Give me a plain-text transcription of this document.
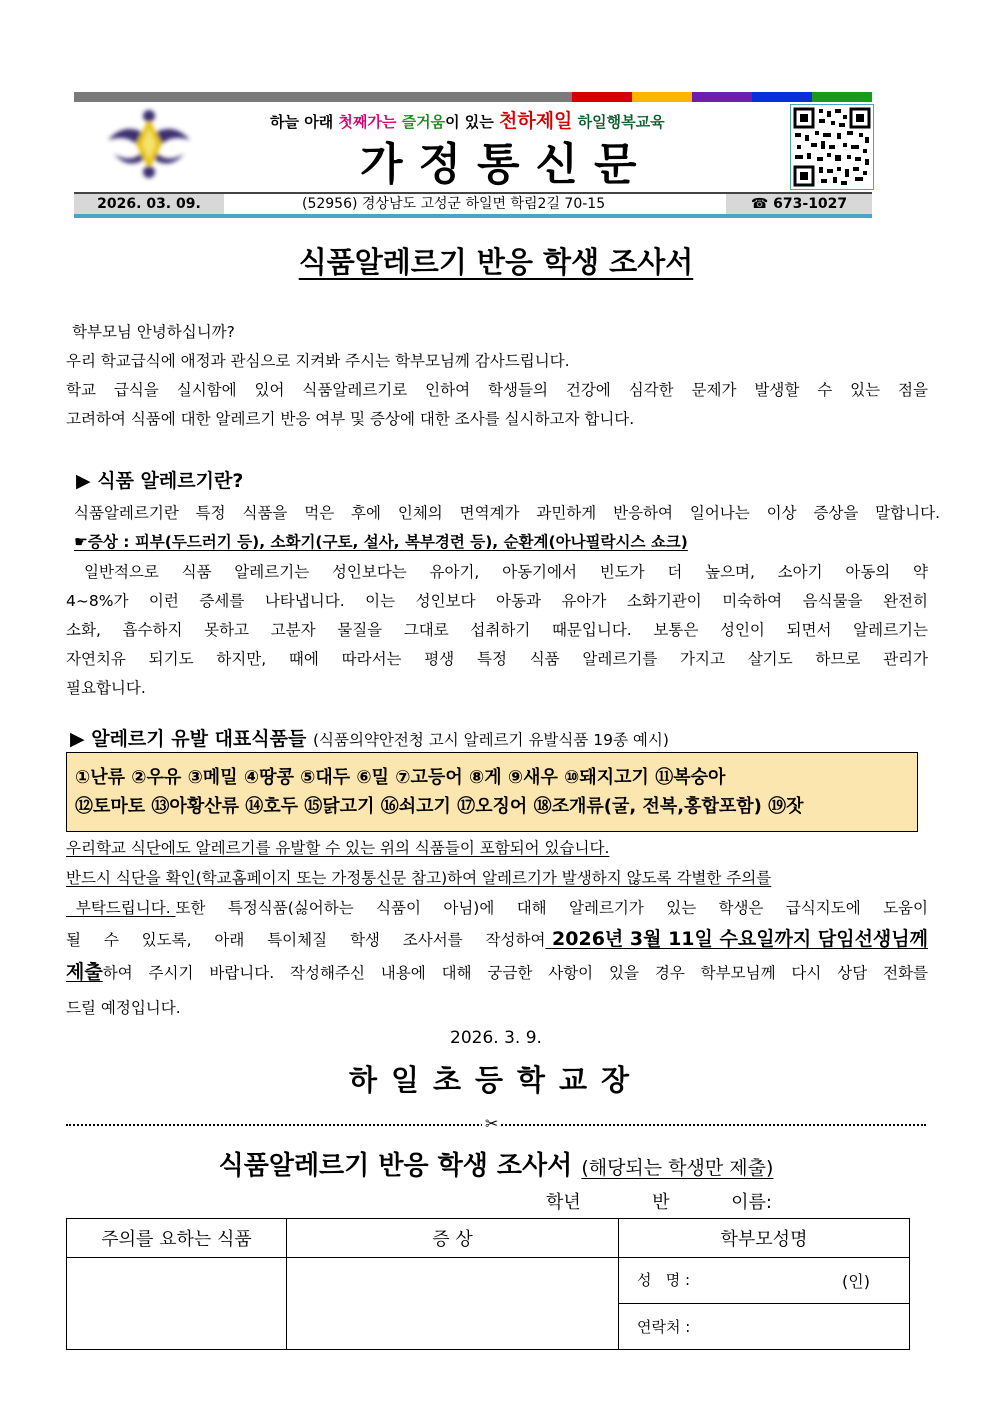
하늘 아래 첫째가는 즐거움이 있는 천하제일 하일행복교육
가정통신문
2026. 03. 09.	(52956) 경상남도 고성군 하일면 학림2길 70-15	☎ 673-1027
식품알레르기 반응 학생 조사서
학부모님 안녕하십니까?
우리 학교급식에 애정과 관심으로 지켜봐 주시는 학부모님께 감사드립니다.
학교 급식을 실시함에 있어 식품알레르기로 인하여 학생들의 건강에 심각한 문제가 발생할 수 있는 점을
고려하여 식품에 대한 알레르기 반응 여부 및 증상에 대한 조사를 실시하고자 합니다.
▶ 식품 알레르기란?
식품알레르기란 특정 식품을 먹은 후에 인체의 면역계가 과민하게 반응하여 일어나는 이상 증상을 말합니다.
☛증상 : 피부(두드러기 등), 소화기(구토, 설사, 복부경련 등), 순환계(아나필락시스 쇼크)
일반적으로 식품 알레르기는 성인보다는 유아기, 아동기에서 빈도가 더 높으며, 소아기 아동의 약
4~8%가 이런 증세를 나타냅니다. 이는 성인보다 아동과 유아가 소화기관이 미숙하여 음식물을 완전히
소화, 흡수하지 못하고 고분자 물질을 그대로 섭취하기 때문입니다. 보통은 성인이 되면서 알레르기는
자연치유 되기도 하지만, 때에 따라서는 평생 특정 식품 알레르기를 가지고 살기도 하므로 관리가
필요합니다.
▶ 알레르기 유발 대표식품들 (식품의약안전청 고시 알레르기 유발식품 19종 예시)
①난류 ②우유 ③메밀 ④땅콩 ⑤대두 ⑥밀 ⑦고등어 ⑧게 ⑨새우 ⑩돼지고기 ⑪복숭아
⑫토마토 ⑬아황산류 ⑭호두 ⑮닭고기 ⑯쇠고기 ⑰오징어 ⑱조개류(굴, 전복,홍합포함) ⑲잣
우리학교 식단에도 알레르기를 유발할 수 있는 위의 식품들이 포함되어 있습니다.
반드시 식단을 확인(학교홈페이지 또는 가정통신문 참고)하여 알레르기가 발생하지 않도록 각별한 주의를
부탁드립니다. 또한 특정식품(싫어하는 식품이 아님)에 대해 알레르기가 있는 학생은 급식지도에 도움이
될 수 있도록, 아래 특이체질 학생 조사서를 작성하여 2026년 3월 11일 수요일까지 담임선생님께
제출 하여 주시기 바랍니다. 작성해주신 내용에 대해 궁금한 사항이 있을 경우 학부모님께 다시 상담 전화를
드릴 예정입니다.
2026. 3. 9.
하일초등학교장
✂
식품알레르기 반응 학생 조사서 (해당되는 학생만 제출)
학년	반	이름:
주의를 요하는 식품	증 상	학부모성명
		성   명 : (인)

		연락처 :
